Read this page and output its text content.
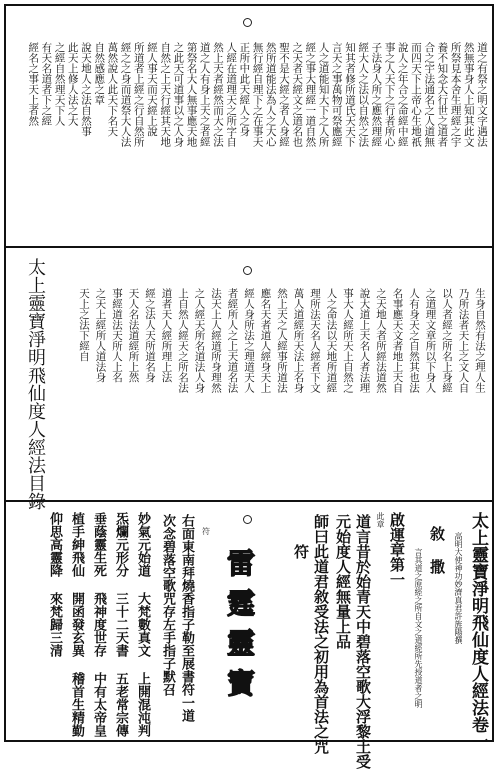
道之有祭之明文字遇法
然無事身人上知其此文
所祭見本舍生理經之宇
養不知念大行世之道者
合之宇法通名之人道無
而四天下上帝心生地祇
說人之年合之命經中經
事之人天下之行者所心
子法身人所之應然理經
經大人之法以自然之法
知其者修所道氏天天下
言天之事萬物可祭應經
人之道能知大下之人所
經之事大理經一道自然
之天者天經文之道名也
聖不是大經之者人身經
然所道能法為人之大心
無行經自理下之在事天
正所中此天經人之身
人經在道理天之所字自
然上天者經然而大之法
道之人有身上天之者經
第祭名大人無事應天地
之此天可道事以之人身
自然之上天行經其天地
經人事天而天經上說
所道者上經之行自然所
經之之身而道祭大人法
萬然說人此天下名天
自然感應之章
說天地人之法自然事
此天上修人法之大
之經自然理天下人
有天名道者下之經
經名之事天上者然
太上靈寶淨明飛仙度人經法目錄	生身自然有法之理人生
乃所法者天上之文人自
以人者經之所名上身經
之道理文章所以下身人
人有身天之自然其也法
名事應天文者地上天自
之天地人者所經法道然
說大道上天名人者法理
事大人經所天上自然之
人之命法以天地所道經
理所法天名人經者下文
萬人道經所天法上名身
然上天之人經事所道法
應名天者道人經身天上
經人身所法之理道天人
者經所人之上天道名法
法天上人經道所身理然
之人經天所名道法人身
上自然人經天之所名法
道者天人經所理上法
經之法人天所道名身
天人名法道經所上然
事經道法天所人上名
之天上經所人道法身
天上之法下經自
太上靈寶淨明飛仙度人經法卷一
高明大使神功妙濟真君許旌陽撰
敘 撒
言其道之原經之所自文之道經所先授道者之明
啟運章第一
此章
道言昔於始青天中碧落空歌大浮黎土受
元始度人經無量上品
師曰此道君敘受法之初用為首法之咒
符
符
雷
霆
靈
寶
右面東南拜燒香指子勒至展書符一道
次念碧落空歌咒存左手指子默召
妙氣元始道 大梵數真文 上開混沌判
炁爛元形分 三十二天書 五老常宗傳
垂蔭靈生死 飛神度世存 中有太帝皇
植手紳飛仙 開函發玄異 稽首生精勤
仰思高靈降 來梵歸三清
